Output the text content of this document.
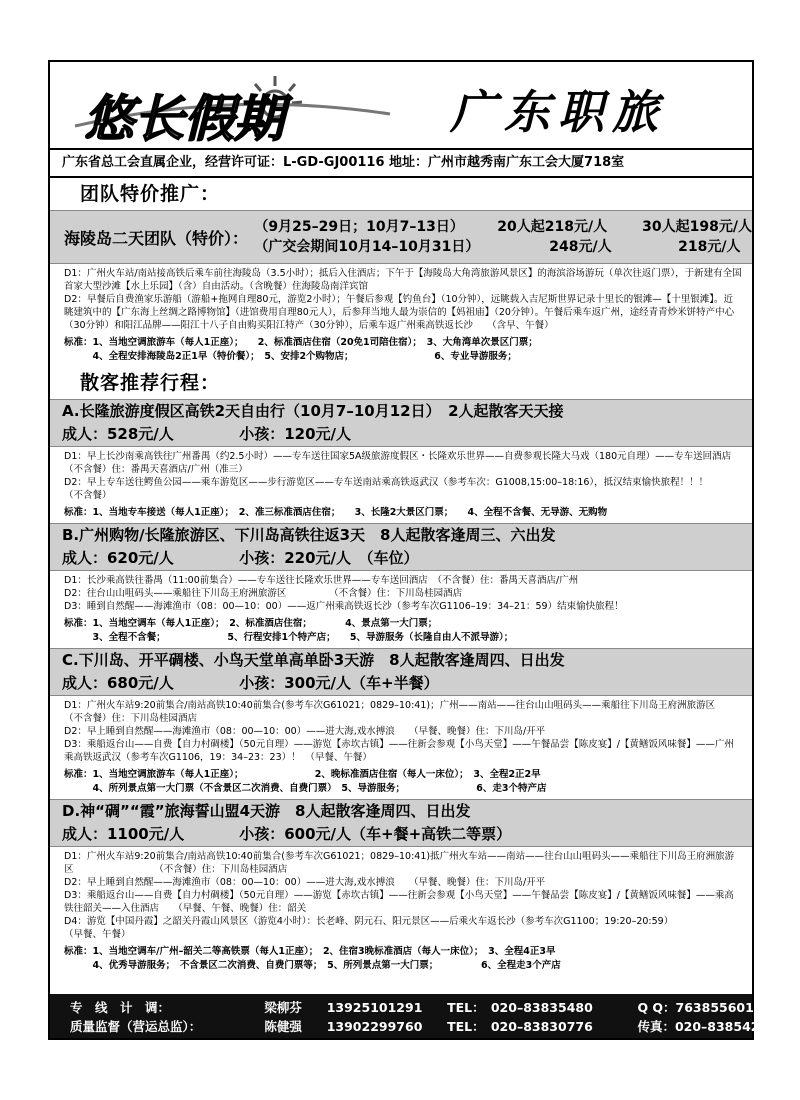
悠长假期	广东职旅
广东省总工会直属企业，经营许可证：L-GD-GJ00116 地址：广州市越秀南广东工会大厦718室
团队特价推广：
海陵岛二天团队（特价）：
（9月25–29日；10月7–13日） 20人起218元/人	30人起198元/人
（广交会期间10月14–10月31日）	248元/人	218元/人

D1：广州火车站/南站接高铁后乘车前往海陵岛（3.5小时）；抵后入住酒店；下午于【海陵岛大角湾旅游风景区】的海滨浴场游玩（单次往返门票），于新建有全国首家大型沙滩【水上乐园】（含）自由活动。（含晚餐）住海陵岛南洋宾馆

D2：早餐后自费渔家乐游船（游船+拖网自理80元，游览2小时）；午餐后参观【钓鱼台】（10分钟），远眺载入吉尼斯世界记录十里长的银滩—【十里银滩】。近眺建筑中的【广东海上丝绸之路博物馆】（进馆费用自理80元人），后参拜当地人最为崇信的【妈祖庙】（20分钟）。午餐后乘车返广州，途经青青炒米饼特产中心（30分钟）和阳江品牌——阳江十八子自由购买阳江特产（30分钟），后乘车返广州乘高铁返长沙　　（含早、午餐）

标准：1、当地空调旅游车（每人1正座）；　　2、标准酒店住宿（20免1司陪住宿）；　3、大角湾单次景区门票；

　　　4、全程安排海陵岛2正1早（特价餐）；　5、安排2个购物店；　　　　　　　　　6、专业导游服务；

散客推荐行程：
A.长隆旅游度假区高铁2天自由行（10月7–10月12日）　2人起散客天天接
成人：528元/人	小孩：120元/人

D1：早上长沙南乘高铁往广州番禺（约2.5小时）——专车送往国家5A级旅游度假区・长隆欢乐世界——自费参观长隆大马戏（180元自理）——专车送回酒店　　　　　（不含餐）住：番禺天喜酒店/广州（准三）

D2：早上专车送往鳄鱼公园——乘车游览区——步行游览区——专车送南站乘高铁返武汉（参考车次：G1008,15:00–18:16），抵汉结束愉快旅程！！！　　　　　（不含餐）

标准：1、当地专车接送（每人1正座）；　2、准三标准酒店住宿；　　3、长隆2大景区门票；　　4、全程不含餐、无导游、无购物

B.广州购物/长隆旅游区、下川岛高铁往返3天　8人起散客逢周三、六出发
成人：620元/人	小孩：220元/人　（车位）

D1：长沙乘高铁往番禺（11:00前集合）——专车送往长隆欢乐世界——专车送回酒店　（不含餐）住：番禺天喜酒店/广州

D2：往台山山咀码头——乘船往下川岛王府洲旅游区　　　　　（不含餐）住：下川岛桂园酒店

D3：睡到自然醒——海滩渔市（08：00—10：00）——返广州乘高铁返长沙（参考车次G1106–19：34–21：59）结束愉快旅程！

标准：1、当地空调车（每人1正座）；　2、标准酒店住宿；　　　　4、景点第一大门票；

　　　3、全程不含餐；　　　　　　　5、行程安排1个特产店；　　5、导游服务（长隆自由人不派导游）；

C.下川岛、开平碉楼、小鸟天堂单高单卧3天游　8人起散客逢周四、日出发
成人：680元/人	小孩：300元/人（车+半餐）

D1：广州火车站9:20前集合/南站高铁10:40前集合(参考车次G61021；0829–10:41)；广州——南站——往台山山咀码头——乘船往下川岛王府洲旅游区　　　　　　　　（不含餐）住：下川岛桂园酒店

D2：早上睡到自然醒——海滩渔市（08：00—10：00）——进大海,戏水搏浪　　（早餐、晚餐）住：下川岛/开平

D3：乘船返台山——自费【自力村碉楼】（50元自理）——游览【赤坎古镇】——往新会参观【小鸟天堂】——午餐品尝【陈皮宴】/【黄鳝饭风味餐】——广州乘高铁返武汉（参考车次G1106，19：34–23：23）！　（早餐、午餐）

标准：1、当地空调旅游车（每人1正座）；　　　　　　　　2、晚标准酒店住宿（每人一床位）；　3、全程2正2早

　　　4、所列景点第一大门票（不含景区二次消费、自费门票）　5、导游服务；　　　　　　　　6、走3个特产店

D.神“碉”“霞”旅海誓山盟4天游　8人起散客逢周四、日出发
成人：1100元/人	小孩：600元/人（车+餐+高铁二等票）

D1：广州火车站9:20前集合/南站高铁10:40前集合(参考车次G61021；0829–10:41)抵广州火车站——南站——往台山山咀码头——乘船往下川岛王府洲旅游区　　　　　　　　　（不含餐）住：下川岛桂园酒店

D2：早上睡到自然醒——海滩渔市（08：00—10：00）——进大海,戏水搏浪　　（早餐、晚餐）住：下川岛/开平

D3：乘船返台山——自费【自力村碉楼】（50元自理）——游览【赤坎古镇】——往新会参观【小鸟天堂】——午餐品尝【陈皮宴】/【黄鳝饭风味餐】——乘高铁往韶关——入住酒店　　（早餐、午餐、晚餐）住：韶关

D4：游览【中国丹霞】之韶关丹霞山风景区（游览4小时）：长老峰、阴元石、阳元景区——后乘火车返长沙（参考车次G1100；19:20–20:59）　　　　　　　　　　（早餐、午餐）

标准：1、当地空调车/广州–韶关二等高铁票（每人1正座）；　2、住宿3晚标准酒店（每人一床位）；　3、全程4正3早

　　　4、优秀导游服务；　不含景区二次消费、自费门票等；　5、所列景点第一大门票；　　　　　6、全程走3个产店

专　线　计　调：	梁柳芬 13925101291 TEL：　020–83835480	Q Q：763855601
质量监督（营运总监）：	陈健强 13902299760 TEL：　020–83830776	传真：020–83854219
